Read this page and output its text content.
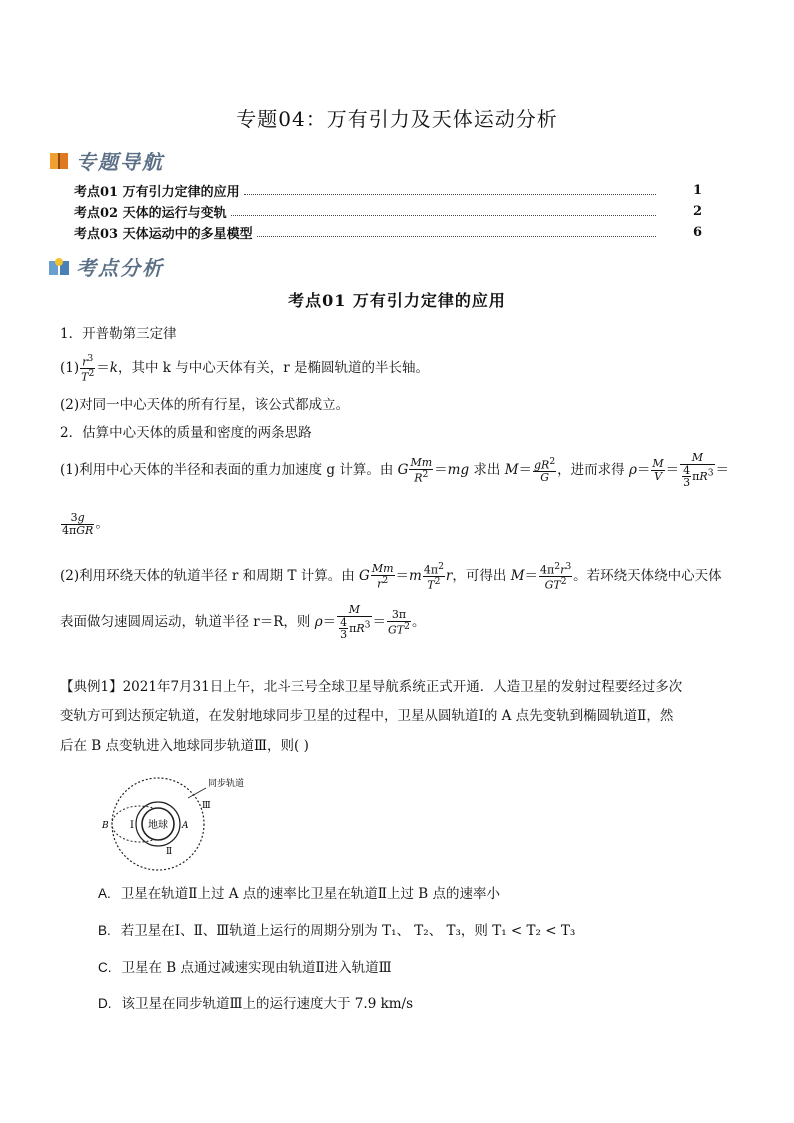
专题04：万有引力及天体运动分析
专题导航
考点01 万有引力定律的应用	1
考点02 天体的运行与变轨	2
考点03 天体运动中的多星模型	6
考点分析
考点01 万有引力定律的应用
1．开普勒第三定律
$(1) \frac{r^3}{T^2} =k$，其中 k 与中心天体有关，r 是椭圆轨道的半长轴。
(2)对同一中心天体的所有行星，该公式都成立。
2．估算中心天体的质量和密度的两条思路
(1)利用中心天体的半径和表面的重力加速度 g 计算。由 G $\frac{Mm}{R^2} =mg$ 求出 $M= \frac{gR^2}{G}$ ，进而求得 $\rho= \frac{M}{V} = \frac{M}{\frac{4}{3} \pi R^3}$ ＝
$\frac{3g}{\text{4πGR}}$ 。
(2)利用环绕天体的轨道半径 r 和周期 T 计算。由 G $\frac{Mm}{r^2} =m \frac{4\pi^2}{T^2}$ r，可得出 $M= \frac{4\pi^2r^3}{GT^2}$ 。若环绕天体绕中心天体
表面做匀速圆周运动，轨道半径 r＝R，则 $\rho= \frac{M}{\frac{4}{3} \pi R^3} = \frac{3\pi}{GT^2}$ 。
【典例1】2021年7月31日上午，北斗三号全球卫星导航系统正式开通．人造卫星的发射过程要经过多次
变轨方可到达预定轨道，在发射地球同步卫星的过程中，卫星从圆轨道Ⅰ的 A 点先变轨到椭圆轨道Ⅱ，然
后在 B 点变轨进入地球同步轨道Ⅲ，则( )
地球
同步轨道
Ⅰ
Ⅱ
Ⅲ
A
B
A. 卫星在轨道Ⅱ上过 A 点的速率比卫星在轨道Ⅱ上过 B 点的速率小
B. 若卫星在Ⅰ、Ⅱ、Ⅲ轨道上运行的周期分别为 T₁、 T₂、 T₃，则 T₁ < T₂ < T₃
C. 卫星在 B 点通过减速实现由轨道Ⅱ进入轨道Ⅲ
D. 该卫星在同步轨道Ⅲ上的运行速度大于 7.9 km/s
